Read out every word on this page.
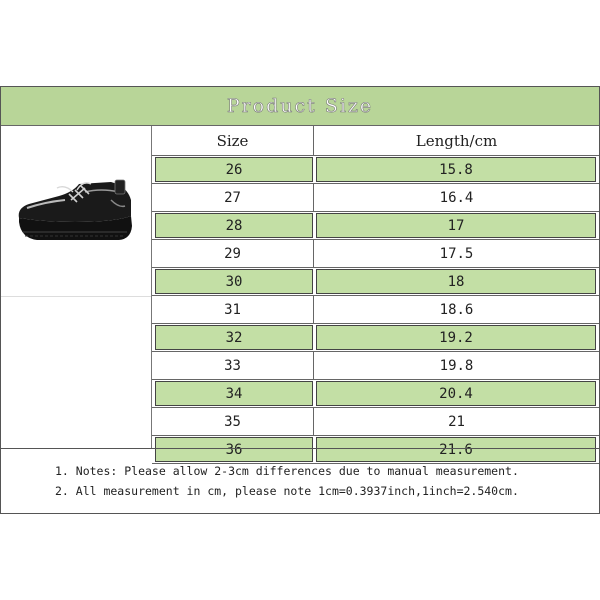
Product Size
Size	Length/cm
26	15.8
27	16.4
28	17
29	17.5
30	18
31	18.6
32	19.2
33	19.8
34	20.4
35	21
36	21.6
1. Notes: Please allow 2-3cm differences due to manual measurement.
2. All measurement in cm, please note 1cm=0.3937inch,1inch=2.540cm.
